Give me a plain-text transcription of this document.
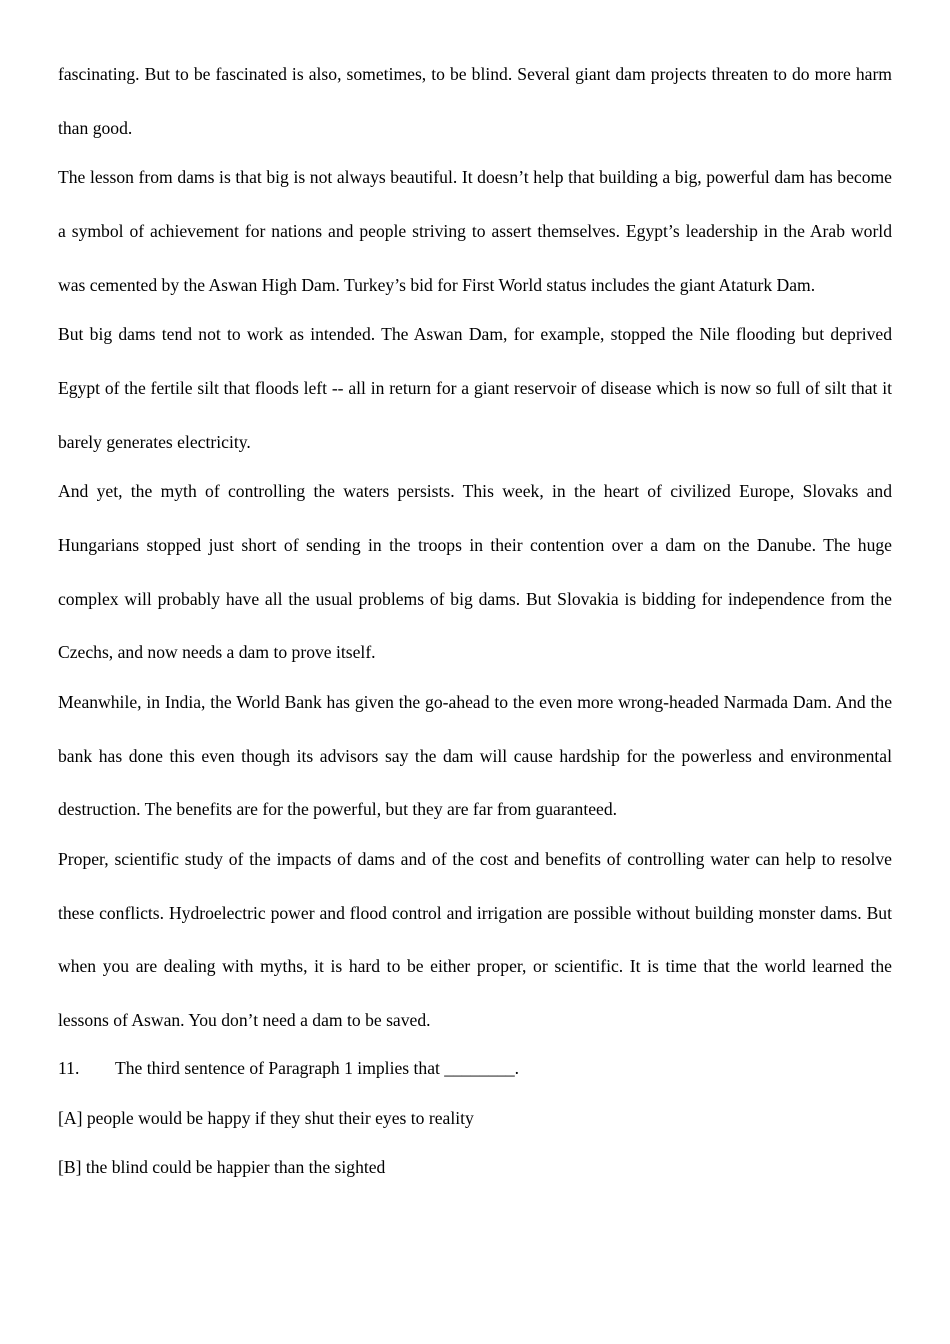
fascinating. But to be fascinated is also, sometimes, to be blind. Several giant dam projects threaten to do more harm than good.

The lesson from dams is that big is not always beautiful. It doesn’t help that building a big, powerful dam has become a symbol of achievement for nations and people striving to assert themselves. Egypt’s leadership in the Arab world was cemented by the Aswan High Dam. Turkey’s bid for First World status includes the giant Ataturk Dam.

But big dams tend not to work as intended. The Aswan Dam, for example, stopped the Nile flooding but deprived Egypt of the fertile silt that floods left -- all in return for a giant reservoir of disease which is now so full of silt that it barely generates electricity.

And yet, the myth of controlling the waters persists. This week, in the heart of civilized Europe, Slovaks and Hungarians stopped just short of sending in the troops in their contention over a dam on the Danube. The huge complex will probably have all the usual problems of big dams. But Slovakia is bidding for independence from the Czechs, and now needs a dam to prove itself.

Meanwhile, in India, the World Bank has given the go-ahead to the even more wrong-headed Narmada Dam. And the bank has done this even though its advisors say the dam will cause hardship for the powerless and environmental destruction. The benefits are for the powerful, but they are far from guaranteed.

Proper, scientific study of the impacts of dams and of the cost and benefits of controlling water can help to resolve these conflicts. Hydroelectric power and flood control and irrigation are possible without building monster dams. But when you are dealing with myths, it is hard to be either proper, or scientific. It is time that the world learned the lessons of Aswan. You don’t need a dam to be saved.

11. The third sentence of Paragraph 1 implies that ________.

[A] people would be happy if they shut their eyes to reality

[B] the blind could be happier than the sighted
